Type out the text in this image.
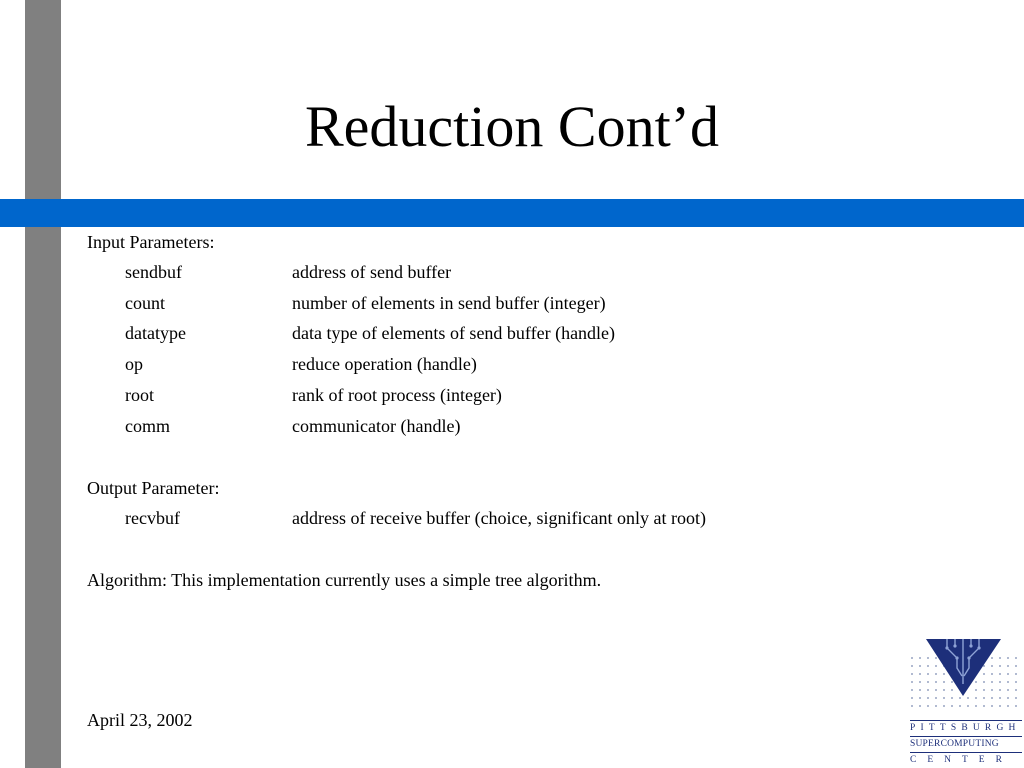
Reduction Cont’d
Input Parameters:
sendbuf	address of send buffer
count	number of elements in send buffer (integer)
datatype	data type of elements of send buffer (handle)
op	reduce operation (handle)
root	rank of root process (integer)
comm	communicator (handle)
Output Parameter:
recvbuf	address of receive buffer (choice, significant only at root)
Algorithm: This implementation currently uses a simple tree algorithm.
April 23, 2002	PITTSBURGH
SUPERCOMPUTING
CENTER
